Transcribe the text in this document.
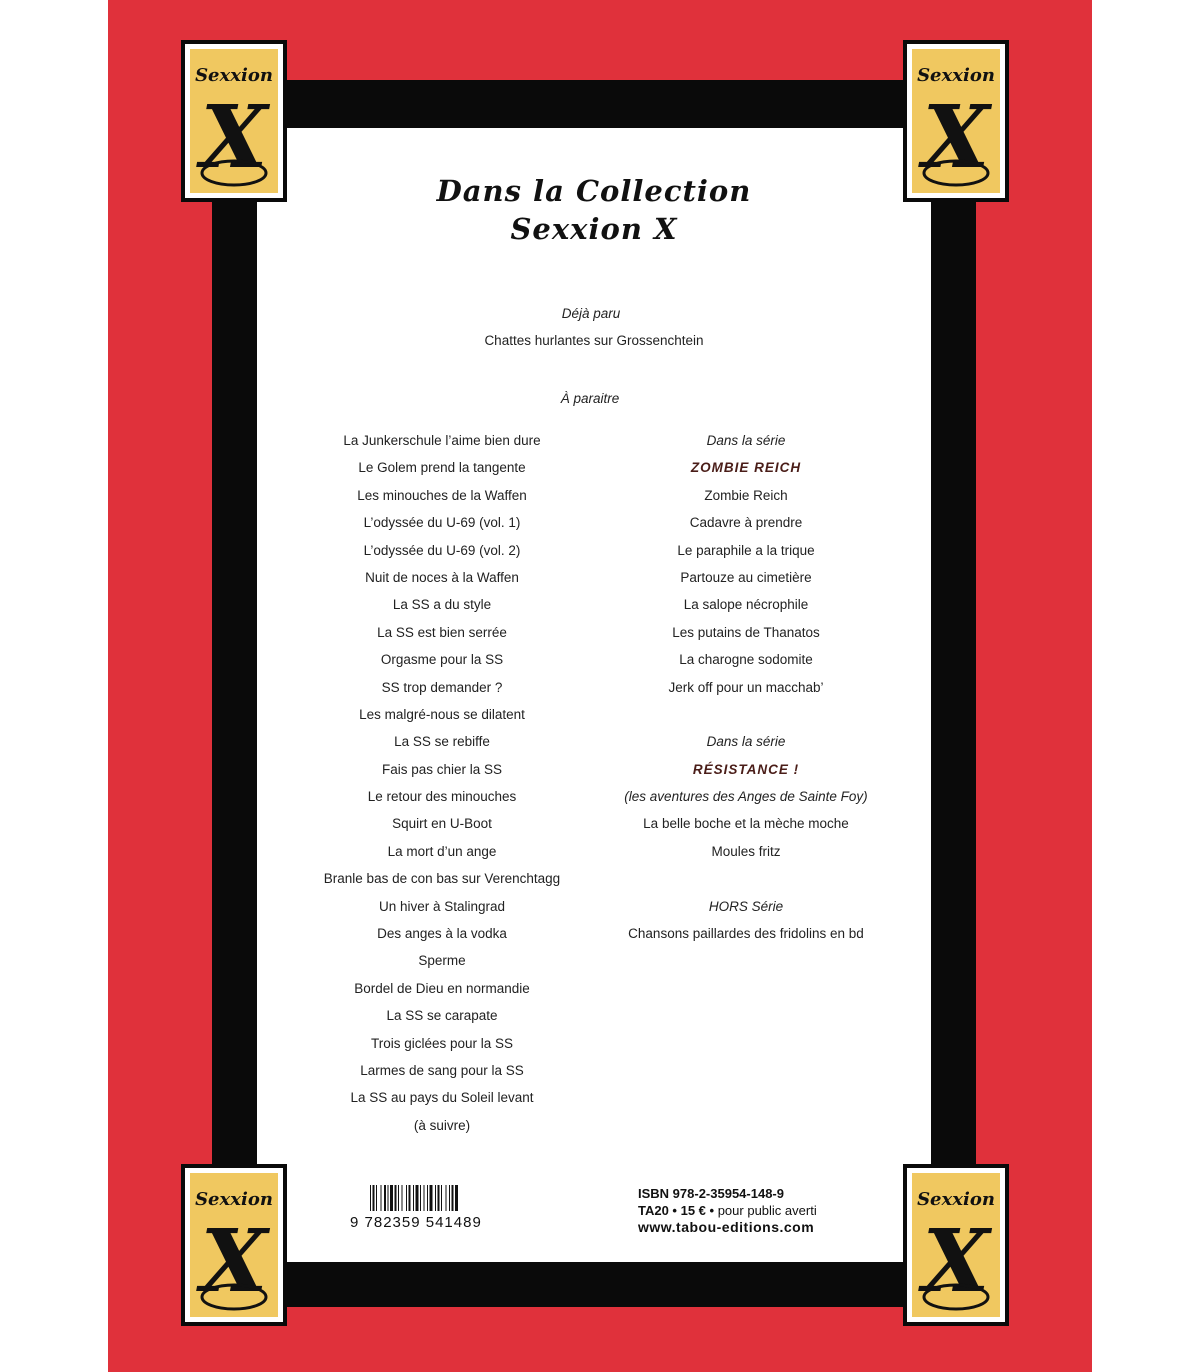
Sexxion
X
Sexxion
X
Sexxion
X
Sexxion
X
Dans la Collection
Sexxion X
Déjà paru
Chattes hurlantes sur Grossenchtein
À paraitre
La Junkerschule l’aime bien dure
Le Golem prend la tangente
Les minouches de la Waffen
L’odyssée du U-69 (vol. 1)
L’odyssée du U-69 (vol. 2)
Nuit de noces à la Waffen
La SS a du style
La SS est bien serrée
Orgasme pour la SS
SS trop demander ?
Les malgré-nous se dilatent
La SS se rebiffe
Fais pas chier la SS
Le retour des minouches
Squirt en U-Boot
La mort d’un ange
Branle bas de con bas sur Verenchtagg
Un hiver à Stalingrad
Des anges à la vodka
Sperme
Bordel de Dieu en normandie
La SS se carapate
Trois giclées pour la SS
Larmes de sang pour la SS
La SS au pays du Soleil levant
(à suivre)
Dans la série
ZOMBIE REICH
Zombie Reich
Cadavre à prendre
Le paraphile a la trique
Partouze au cimetière
La salope nécrophile
Les putains de Thanatos
La charogne sodomite
Jerk off pour un macchab’
Dans la série
RÉSISTANCE !
(les aventures des Anges de Sainte Foy)
La belle boche et la mèche moche
Moules fritz
HORS Série
Chansons paillardes des fridolins en bd
9 782359 541489
ISBN 978-2-35954-148-9
TA20 • 15 € • pour public averti
www.tabou-editions.com
